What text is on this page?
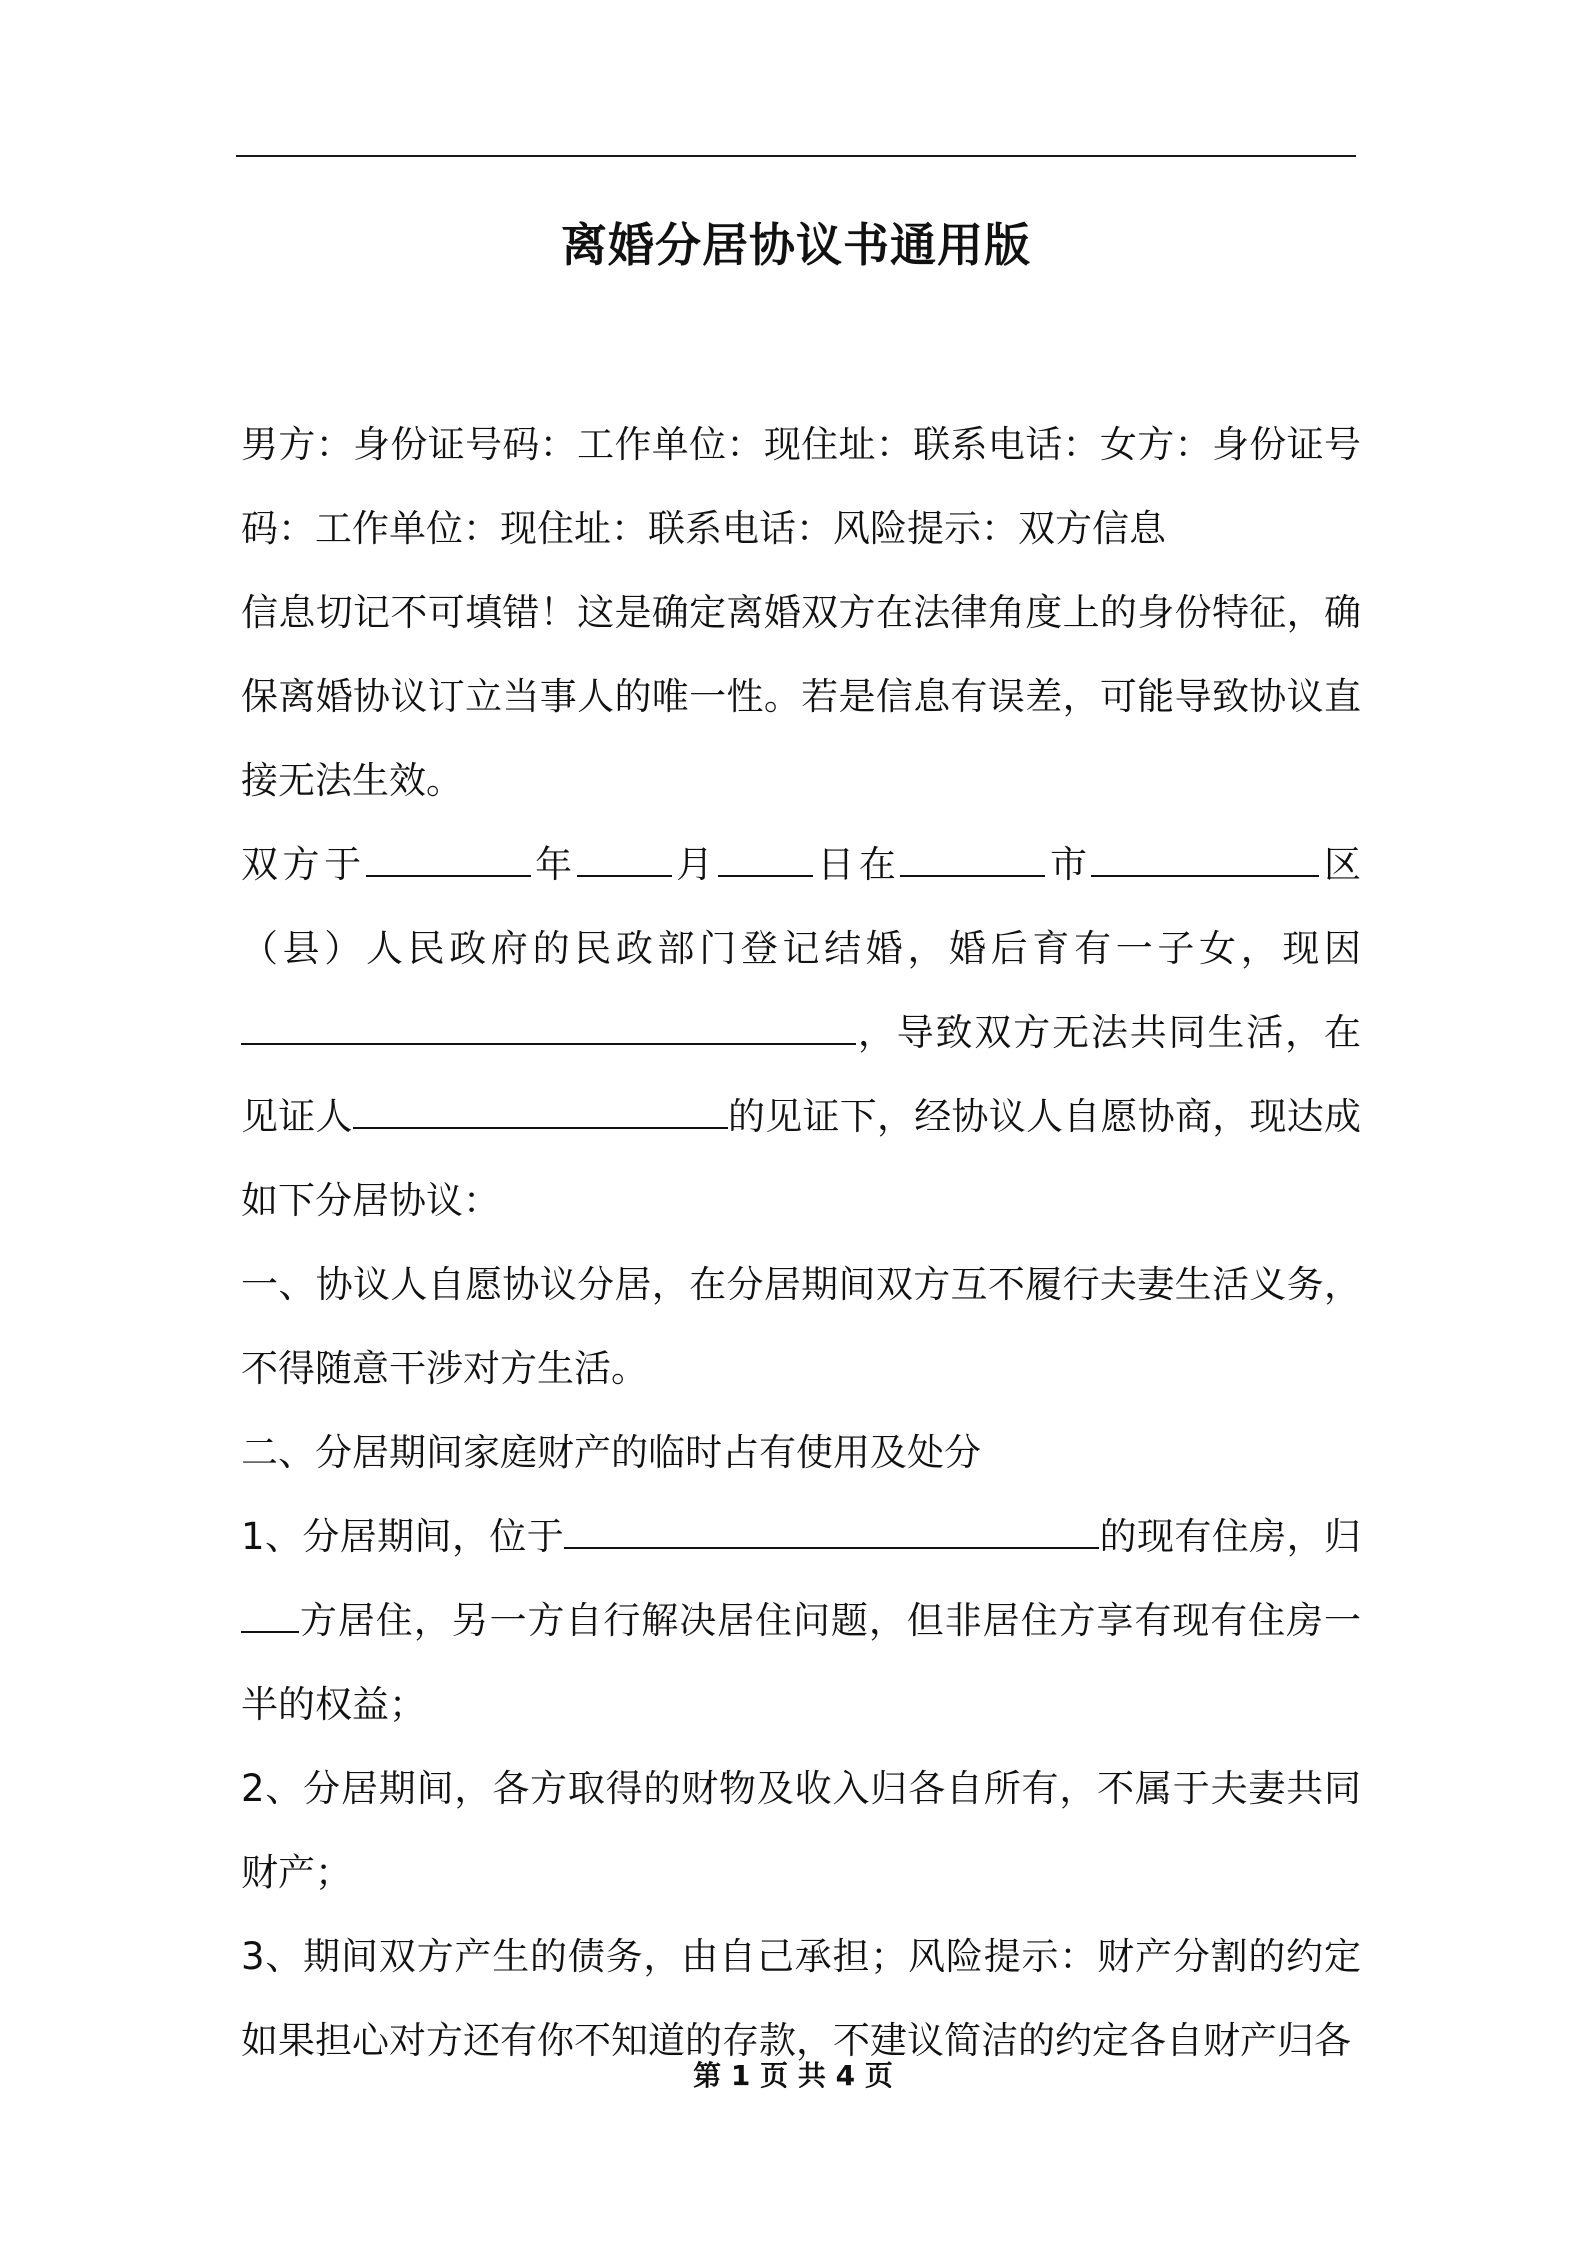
离婚分居协议书通用版

男方：身份证号码：工作单位：现住址：联系电话：女方：身份证号码：工作单位：现住址：联系电话：风险提示：双方信息

信息切记不可填错！这是确定离婚双方在法律角度上的身份特征，确保离婚协议订立当事人的唯一性。若是信息有误差，可能导致协议直接无法生效。

双方于	年	月	日在	市	区（县）人民政府的民政部门登记结婚，婚后育有一子女，现因，导致双方无法共同生活，在见证人	的见证下，经协议人自愿协商，现达成如下分居协议：

一、协议人自愿协议分居，在分居期间双方互不履行夫妻生活义务，不得随意干涉对方生活。

二、分居期间家庭财产的临时占有使用及处分

1、分居期间，位于	的现有住房，归方居住，另一方自行解决居住问题，但非居住方享有现有住房一半的权益；

2、分居期间，各方取得的财物及收入归各自所有，不属于夫妻共同财产；

3、期间双方产生的债务，由自己承担；风险提示：财产分割的约定如果担心对方还有你不知道的存款，不建议简洁的约定各自财产归各

第 1 页 共 4 页
